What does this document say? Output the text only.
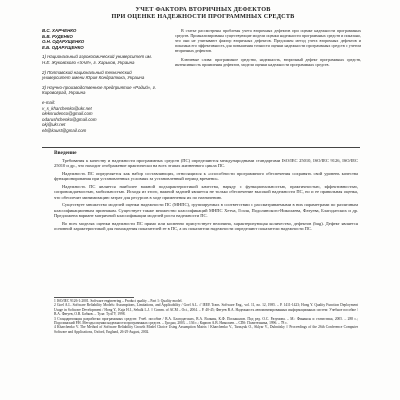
УЧЕТ ФАКТОРА ВТОРИЧНЫХ ДЕФЕКТОВ
ПРИ ОЦЕНКЕ НАДЕЖНОСТИ ПРОГРАММНЫХ СРЕДСТВ
В.С. ХАРЧЕНКО
Б.В. РУДЕНКО
О.Н. ОДАРУЩЕНКО
Е.Б. ОДАРУЩЕНКО
1) Национальный аэрокосмический университет им. Н.Е. Жуковского «ХАИ», г. Харьков, Украина
2) Полтавский национальный технический университет имени Юрия Кондратюка, Украина
3) Научно-производственное предприятие «Радий», г. Кировоград, Украина
e-mail:
v_s_kharchenko@ukr.net
oleksrudenco@gmail.com
odarushchenko@gmail.com
okj@ukr.net
eb@kaust@gmail.com

В статье рассмотрены проблемы учета вторичных дефектов при оценке надежности программных средств. Проанализированы существующие модели оценки надежности программных средств и показано, что они не учитывают фактор вторичных дефектов. Предложен метод учета вторичных дефектов и показана его эффективность для повышения точности оценки надежности программных средств с учетом вторичных дефектов.

Ключевые слова: программное средство, надежность, вторичный дефект программных средств, интенсивность проявления дефектов, модели оценки надежности программных средств.

Введение

Требования к качеству и надежности программных средств (ПС) определяются международными стандартами ISO/IEC 25010, ISO/IEC 9126, ISO/IEC 25010 и др., что находит отображение практически на всех этапах жизненного цикла ПС.

Надежность ПС определяется как набор составляющих, относящихся к «способности программного обеспечения сохранять свой уровень качества функционирования при установленных условиях за установленный период времени».

Надежность ПС является наиболее важной подхарактеристикой качества, наряду с функциональностью, практичностью, эффективностью, сопровождаемостью, мобильностью. Исходя из этого, важной задачей является не только обеспечение высокой надежности ПС, но и ее правильная оценка, что обеспечит минимизацию затрат для ресурсов в ходе применения их по назначению.

Существует множество моделей оценки надежности ПС (МНПС), группируемых в соответствии с рассматриваемыми в них параметрами по различным классификационным признакам. Существует также множество классификаций МНПС Хетча, Гоэля, Подолинского-Николаева, Фатуева, Благодатских и др. Предложена вариант матричной классификации моделей роста надежности ПС.

Во всех моделях оценки надежности ПС прямо или косвенно присутствует величина, характеризующая количество, дефектов (bug). Дефект является основной характеристикой для нахождения показателей ее в ПС, а их показатели надежности определяют показатели надежности ПС.

1 ISO/IEC 9126-1:2001. Software engineering – Product quality – Part 1: Quality model.
2 Goel A.L. Software Reliability Models: Assumptions, Limitations, and Applicability / Goel A.L. // IEEE Trans. Software Eng., vol. 11, no. 12, 1985. – P. 1411-1423; Hong Y. Quality Function Deployment Usage in Software Development / Hong Y., Kaja H.I., Sebalk L.J. // Comm. of ACM – Oct., 2004. – P. 40-45; Фатуев В.А. Надежность автоматизированных информационных систем: Учебное пособие / В.А. Фатуев, О.В. Бабков. – Тула: ТулГУ, 1998.
3 Стандартизация разработки программных средств: Учеб. пособие / В.А. Благодатских, В.А. Волнин, К.Ф. Поскакалов. Под ред. О.С. Разумова. – М.: Финансы и статистика, 2005. – 288 с.; Подолинский Р.Н. Методы оценки надежности программных средств. – Гродно, 2003. – 136 с.; Карпов А.В. Николаев. – СПб: Политехника, 1996. – 78 с.
4 Kharchenko V. The Method of Software Reliability Growth Model Choice Using Assumption Matrix / Kharchenko V., Tarasyuk O., Sklyar V., Dubnitsky // Proceedings of the 26th Conference Computer Software and Applications, Oxford, England, 26-29 August, 2002.
